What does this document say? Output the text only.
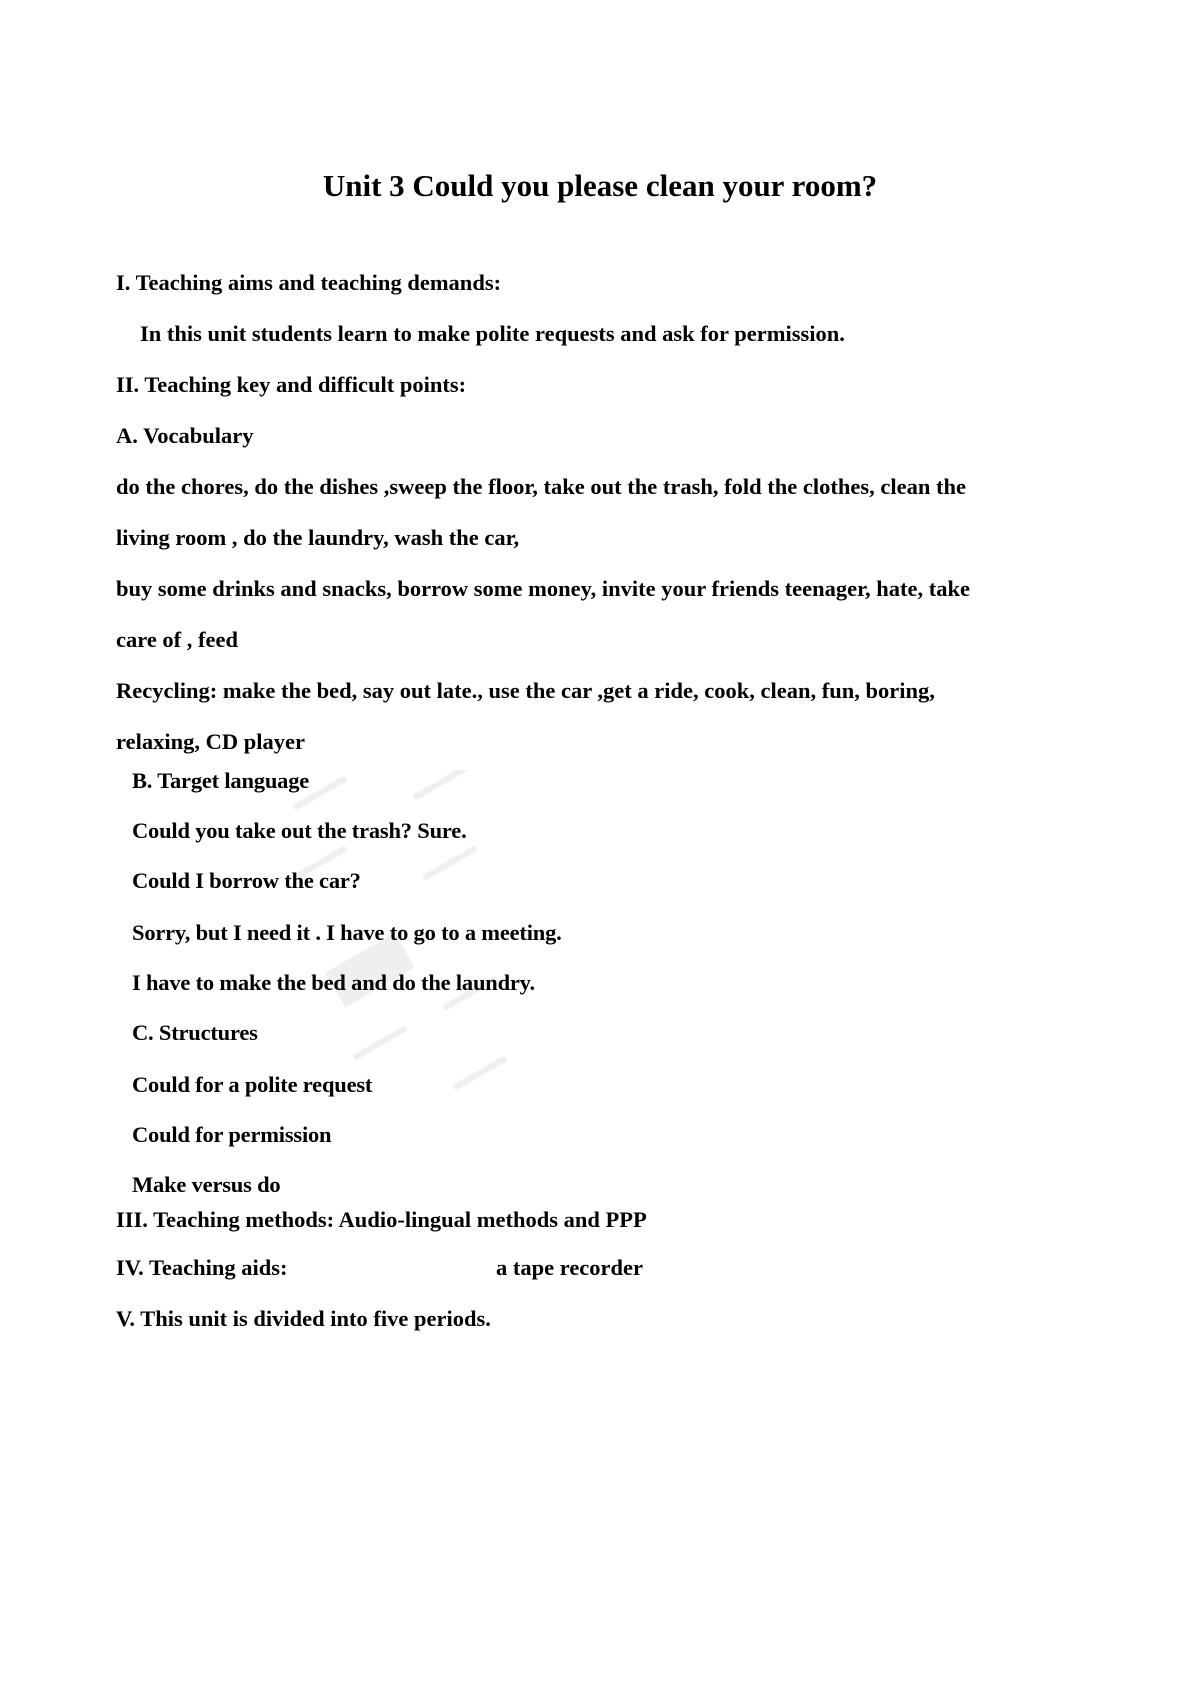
Unit 3 Could you please clean your room?
I. Teaching aims and teaching demands:
In this unit students learn to make polite requests and ask for permission.
II. Teaching key and difficult points:
A. Vocabulary
do the chores, do the dishes ,sweep the floor, take out the trash, fold the clothes, clean the
living room , do the laundry, wash the car,
buy some drinks and snacks, borrow some money, invite your friends teenager, hate, take
care of , feed
Recycling: make the bed, say out late., use the car ,get a ride, cook, clean, fun, boring,
relaxing, CD player
B. Target language
Could you take out the trash? Sure.
Could I borrow the car?
Sorry, but I need it . I have to go to a meeting.
I have to make the bed and do the laundry.
C. Structures
Could for a polite request
Could for permission
Make versus do
III. Teaching methods: Audio-lingual methods and PPP
IV. Teaching aids:	a tape recorder
V. This unit is divided into five periods.
